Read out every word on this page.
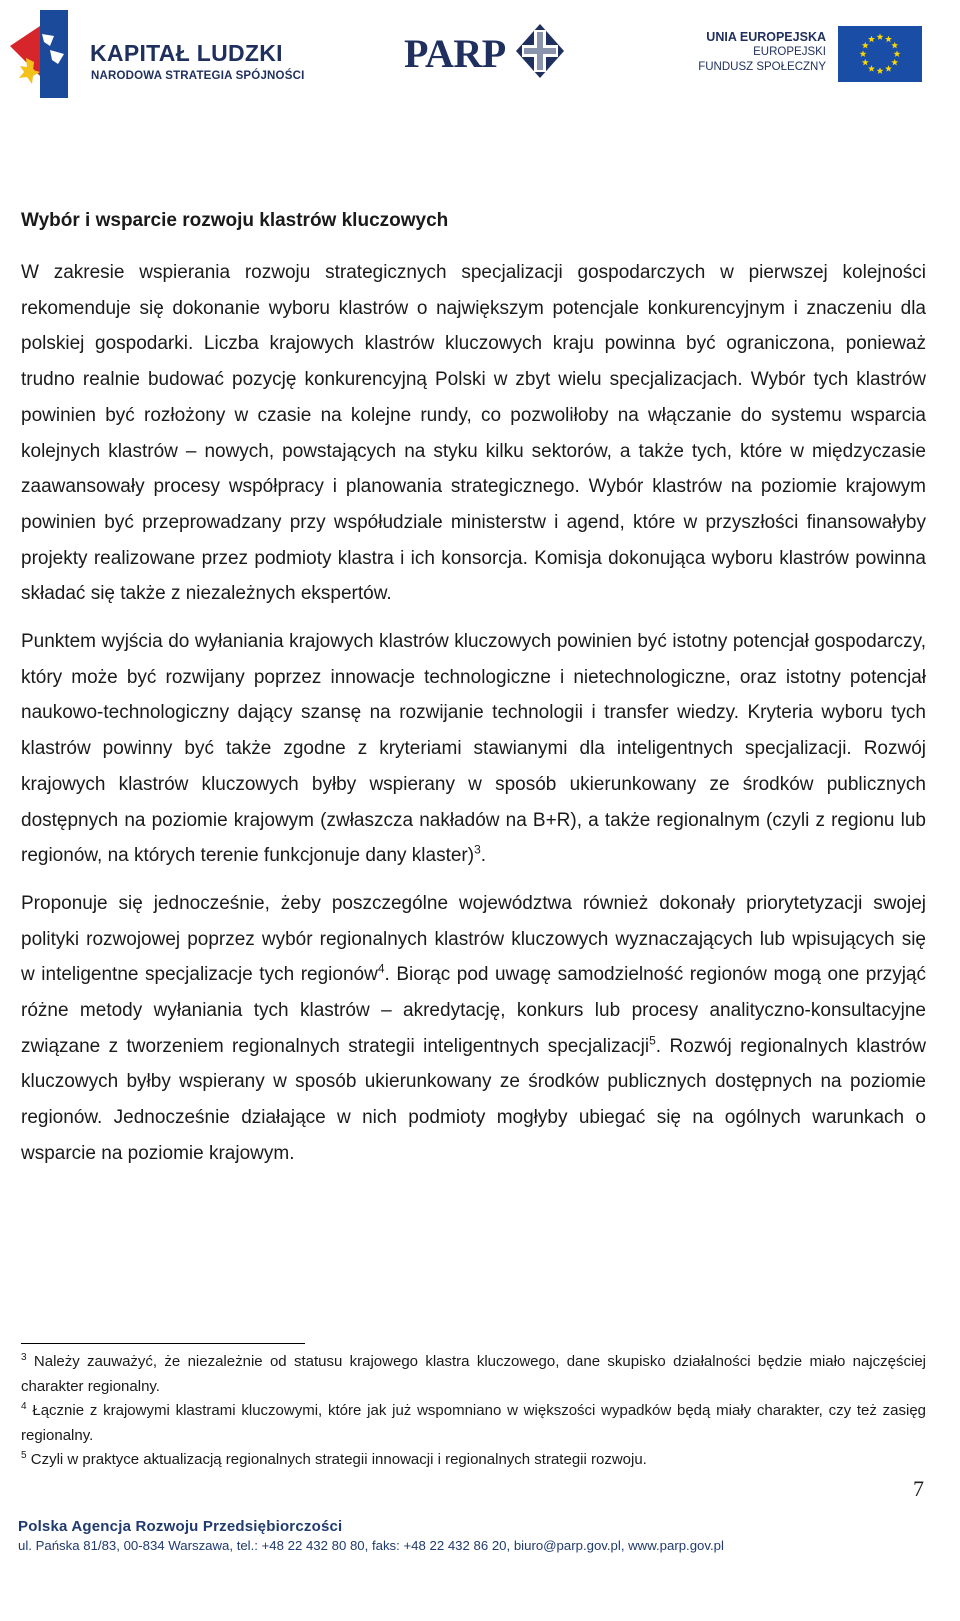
KAPITAŁ LUDZKI
NARODOWA STRATEGIA SPÓJNOŚCI PARP	UNIA EUROPEJSKA
EUROPEJSKI
FUNDUSZ SPOŁECZNY
Wybór i wsparcie rozwoju klastrów kluczowych

W zakresie wspierania rozwoju strategicznych specjalizacji gospodarczych w pierwszej kolejności rekomenduje się dokonanie wyboru klastrów o największym potencjale konkurencyjnym i znaczeniu dla polskiej gospodarki. Liczba krajowych klastrów kluczowych kraju powinna być ograniczona, ponieważ trudno realnie budować pozycję konkurencyjną Polski w zbyt wielu specjalizacjach. Wybór tych klastrów powinien być rozłożony w czasie na kolejne rundy, co pozwoliłoby na włączanie do systemu wsparcia kolejnych klastrów – nowych, powstających na styku kilku sektorów, a także tych, które w międzyczasie zaawansowały procesy współpracy i planowania strategicznego. Wybór klastrów na poziomie krajowym powinien być przeprowadzany przy współudziale ministerstw i agend, które w przyszłości finansowałyby projekty realizowane przez podmioty klastra i ich konsorcja. Komisja dokonująca wyboru klastrów powinna składać się także z niezależnych ekspertów.

Punktem wyjścia do wyłaniania krajowych klastrów kluczowych powinien być istotny potencjał gospodarczy, który może być rozwijany poprzez innowacje technologiczne i nietechnologiczne, oraz istotny potencjał naukowo-technologiczny dający szansę na rozwijanie technologii i transfer wiedzy. Kryteria wyboru tych klastrów powinny być także zgodne z kryteriami stawianymi dla inteligentnych specjalizacji. Rozwój krajowych klastrów kluczowych byłby wspierany w sposób ukierunkowany ze środków publicznych dostępnych na poziomie krajowym (zwłaszcza nakładów na B+R), a także regionalnym (czyli z regionu lub regionów, na których terenie funkcjonuje dany klaster)$^3$.

Proponuje się jednocześnie, żeby poszczególne województwa również dokonały priorytetyzacji swojej polityki rozwojowej poprzez wybór regionalnych klastrów kluczowych wyznaczających lub wpisujących się w inteligentne specjalizacje tych regionów$^4$. Biorąc pod uwagę samodzielność regionów mogą one przyjąć różne metody wyłaniania tych klastrów – akredytację, konkurs lub procesy analityczno-konsultacyjne związane z tworzeniem regionalnych strategii inteligentnych specjalizacji$^5$. Rozwój regionalnych klastrów kluczowych byłby wspierany w sposób ukierunkowany ze środków publicznych dostępnych na poziomie regionów. Jednocześnie działające w nich podmioty mogłyby ubiegać się na ogólnych warunkach o wsparcie na poziomie krajowym.

$^3$ Należy zauważyć, że niezależnie od statusu krajowego klastra kluczowego, dane skupisko działalności będzie miało najczęściej charakter regionalny.

$^4$ Łącznie z krajowymi klastrami kluczowymi, które jak już wspomniano w większości wypadków będą miały charakter, czy też zasięg regionalny.

$^5$ Czyli w praktyce aktualizacją regionalnych strategii innowacji i regionalnych strategii rozwoju.

7
Polska Agencja Rozwoju Przedsiębiorczości
ul. Pańska 81/83, 00-834 Warszawa, tel.: +48 22 432 80 80, faks: +48 22 432 86 20, biuro@parp.gov.pl, www.parp.gov.pl
